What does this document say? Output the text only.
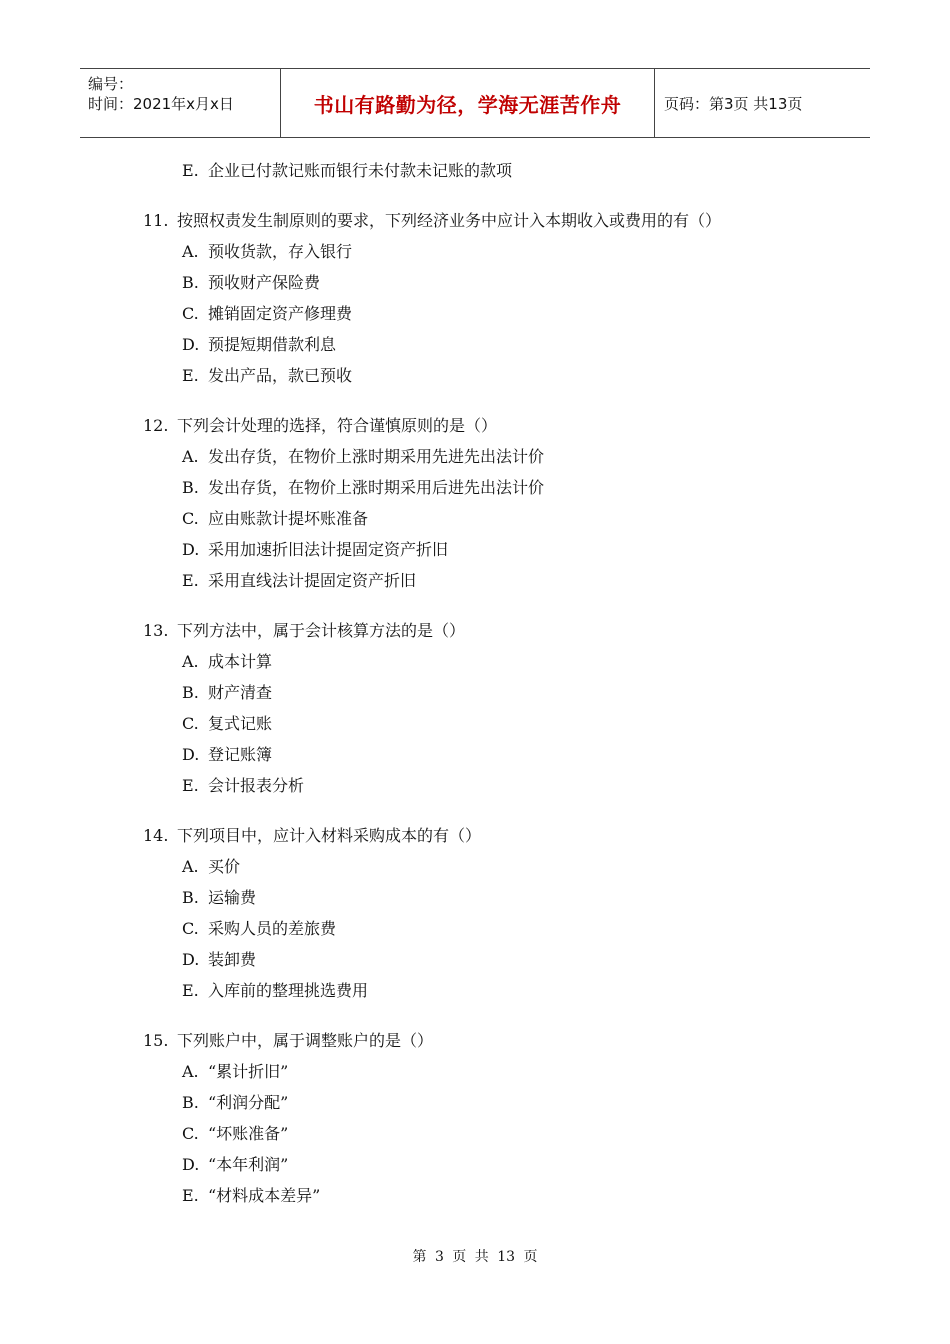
编号：
时间：2021年x月x日	书山有路勤为径，学海无涯苦作舟	页码：第3页 共13页
E. 企业已付款记账而银行未付款未记账的款项
11. 按照权责发生制原则的要求，下列经济业务中应计入本期收入或费用的有（）
A. 预收货款，存入银行
B. 预收财产保险费
C. 摊销固定资产修理费
D. 预提短期借款利息
E. 发出产品，款已预收
12. 下列会计处理的选择，符合谨慎原则的是（）
A. 发出存货，在物价上涨时期采用先进先出法计价
B. 发出存货，在物价上涨时期采用后进先出法计价
C. 应由账款计提坏账准备
D. 采用加速折旧法计提固定资产折旧
E. 采用直线法计提固定资产折旧
13. 下列方法中，属于会计核算方法的是（）
A. 成本计算
B. 财产清查
C. 复式记账
D. 登记账簿
E. 会计报表分析
14. 下列项目中，应计入材料采购成本的有（）
A. 买价
B. 运输费
C. 采购人员的差旅费
D. 装卸费
E. 入库前的整理挑选费用
15. 下列账户中，属于调整账户的是（）
A. “累计折旧”
B. “利润分配”
C. “坏账准备”
D. “本年利润”
E. “材料成本差异”
第 3 页 共 13 页
